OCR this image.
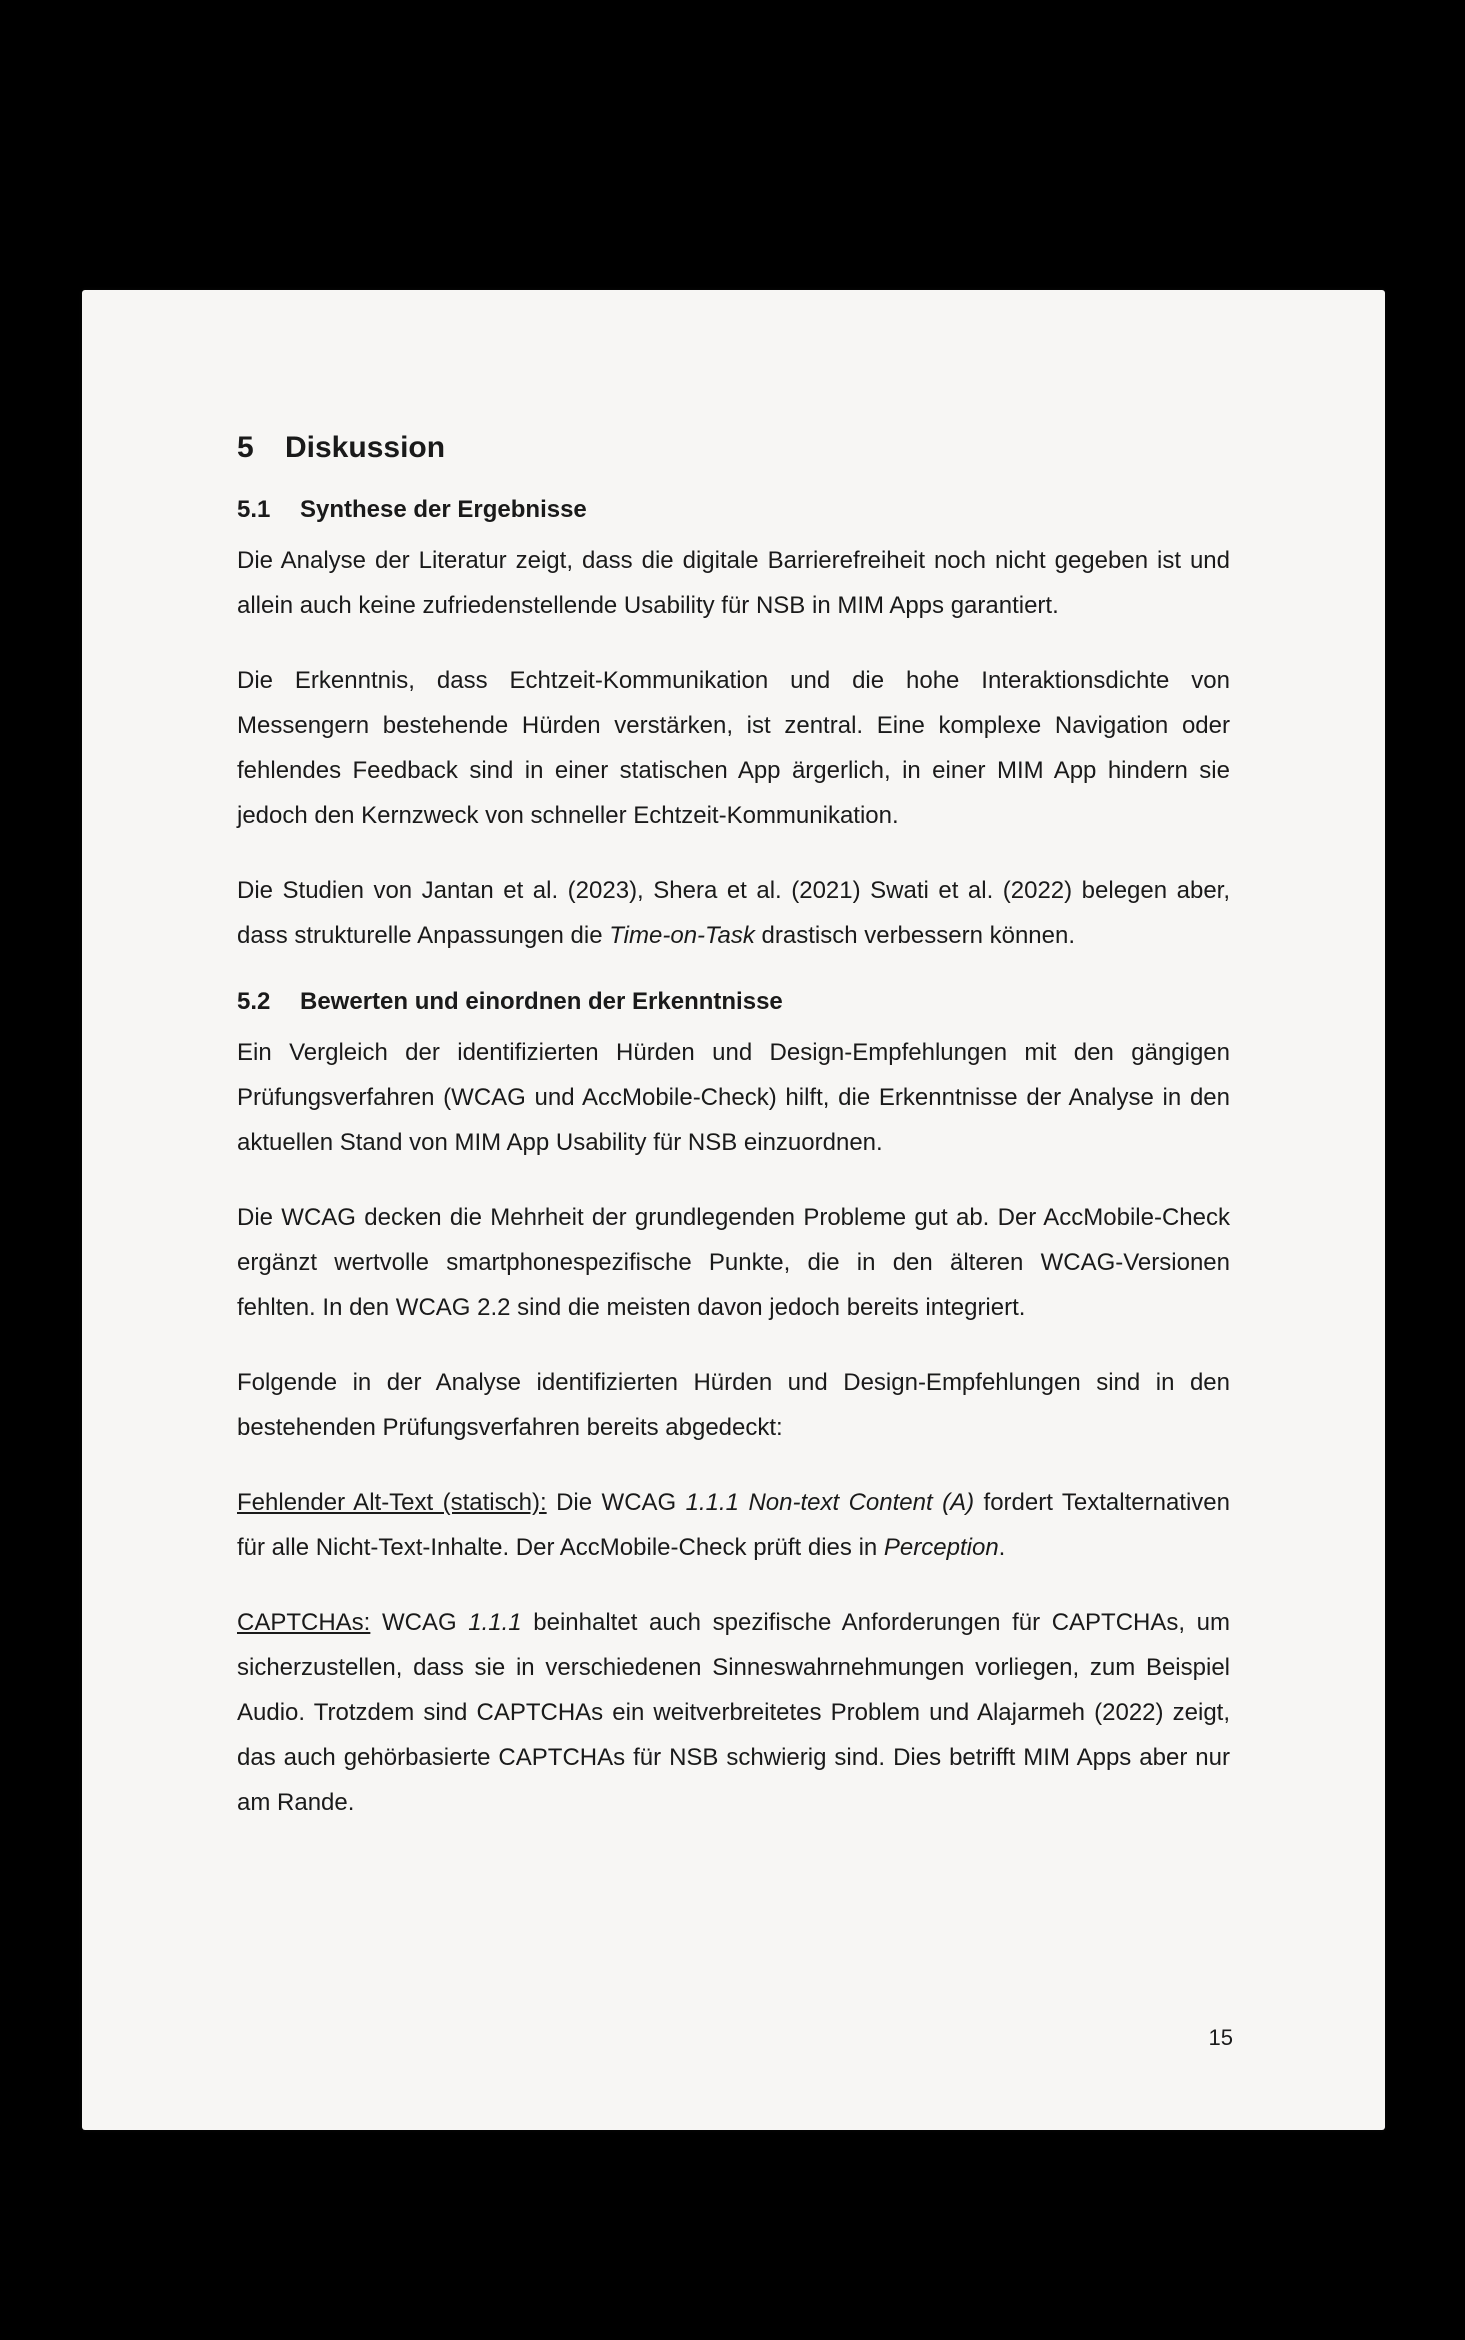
5 Diskussion
5.1 Synthese der Ergebnisse

Die Analyse der Literatur zeigt, dass die digitale Barrierefreiheit noch nicht gegeben ist und allein auch keine zufriedenstellende Usability für NSB in MIM Apps garantiert.

Die Erkenntnis, dass Echtzeit-Kommunikation und die hohe Interaktionsdichte von Messengern bestehende Hürden verstärken, ist zentral. Eine komplexe Navigation oder fehlendes Feedback sind in einer statischen App ärgerlich, in einer MIM App hindern sie jedoch den Kernzweck von schneller Echtzeit-Kommunikation.

Die Studien von Jantan et al. (2023), Shera et al. (2021) Swati et al. (2022) belegen aber, dass strukturelle Anpassungen die Time-on-Task drastisch verbessern können.

5.2 Bewerten und einordnen der Erkenntnisse

Ein Vergleich der identifizierten Hürden und Design-Empfehlungen mit den gängigen Prüfungsverfahren (WCAG und AccMobile-Check) hilft, die Erkenntnisse der Analyse in den aktuellen Stand von MIM App Usability für NSB einzuordnen.

Die WCAG decken die Mehrheit der grundlegenden Probleme gut ab. Der AccMobile-Check ergänzt wertvolle smartphonespezifische Punkte, die in den älteren WCAG-Versionen fehlten. In den WCAG 2.2 sind die meisten davon jedoch bereits integriert.

Folgende in der Analyse identifizierten Hürden und Design-Empfehlungen sind in den bestehenden Prüfungsverfahren bereits abgedeckt:

Fehlender Alt-Text (statisch): Die WCAG 1.1.1 Non-text Content (A) fordert Textalternativen für alle Nicht-Text-Inhalte. Der AccMobile-Check prüft dies in Perception.

CAPTCHAs: WCAG 1.1.1 beinhaltet auch spezifische Anforderungen für CAPTCHAs, um sicherzustellen, dass sie in verschiedenen Sinneswahrnehmungen vorliegen, zum Beispiel Audio. Trotzdem sind CAPTCHAs ein weitverbreitetes Problem und Alajarmeh (2022) zeigt, das auch gehörbasierte CAPTCHAs für NSB schwierig sind. Dies betrifft MIM Apps aber nur am Rande.

15
